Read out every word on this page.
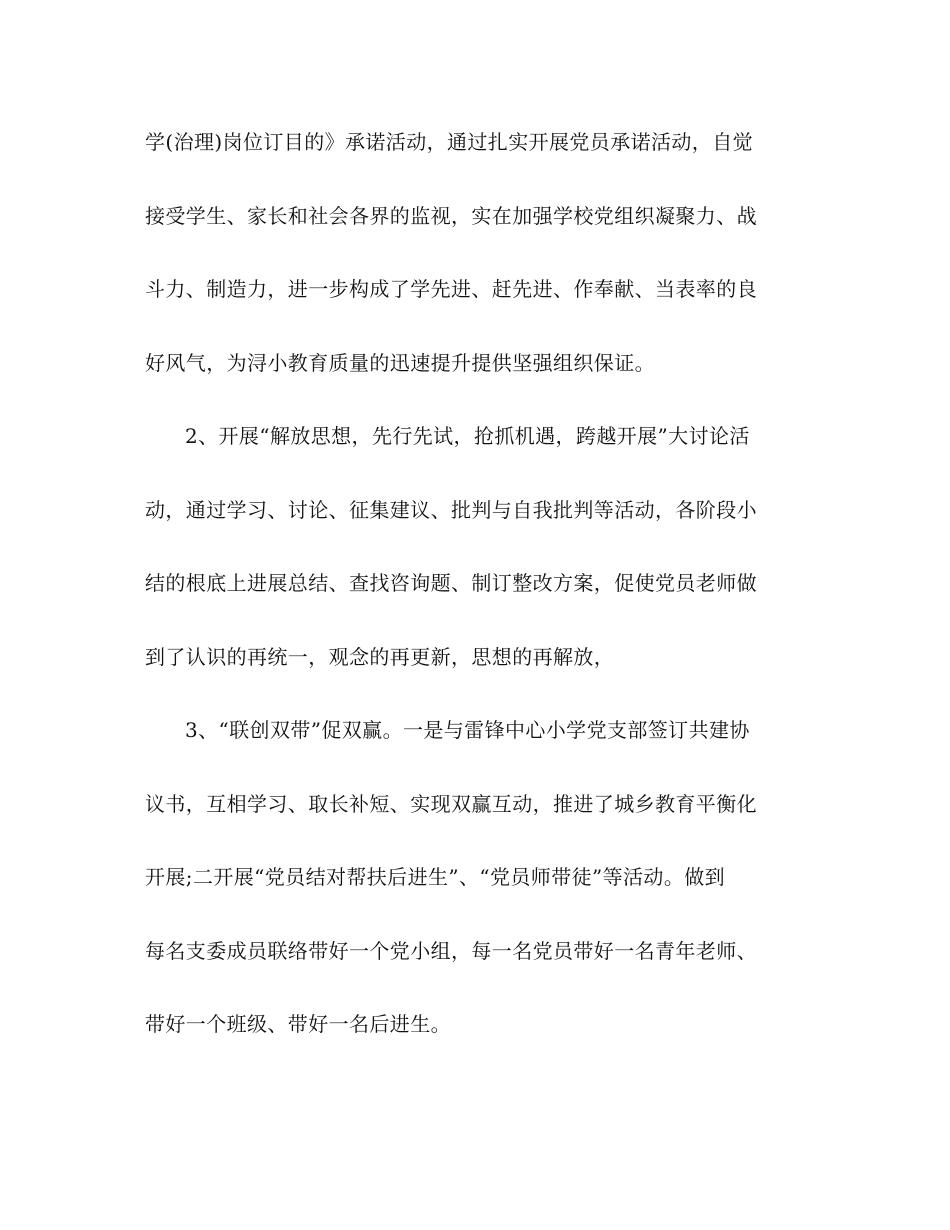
学(治理)岗位订目的》承诺活动，通过扎实开展党员承诺活动，自觉
接受学生、家长和社会各界的监视，实在加强学校党组织凝聚力、战
斗力、制造力，进一步构成了学先进、赶先进、作奉献、当表率的良
好风气，为浔小教育质量的迅速提升提供坚强组织保证。
2、开展“解放思想，先行先试，抢抓机遇，跨越开展”大讨论活
动，通过学习、讨论、征集建议、批判与自我批判等活动，各阶段小
结的根底上进展总结、查找咨询题、制订整改方案，促使党员老师做
到了认识的再统一，观念的再更新，思想的再解放，
3、“联创双带”促双赢。一是与雷锋中心小学党支部签订共建协
议书，互相学习、取长补短、实现双赢互动，推进了城乡教育平衡化
开展;二开展“党员结对帮扶后进生”、“党员师带徒”等活动。做到
每名支委成员联络带好一个党小组，每一名党员带好一名青年老师、
带好一个班级、带好一名后进生。
